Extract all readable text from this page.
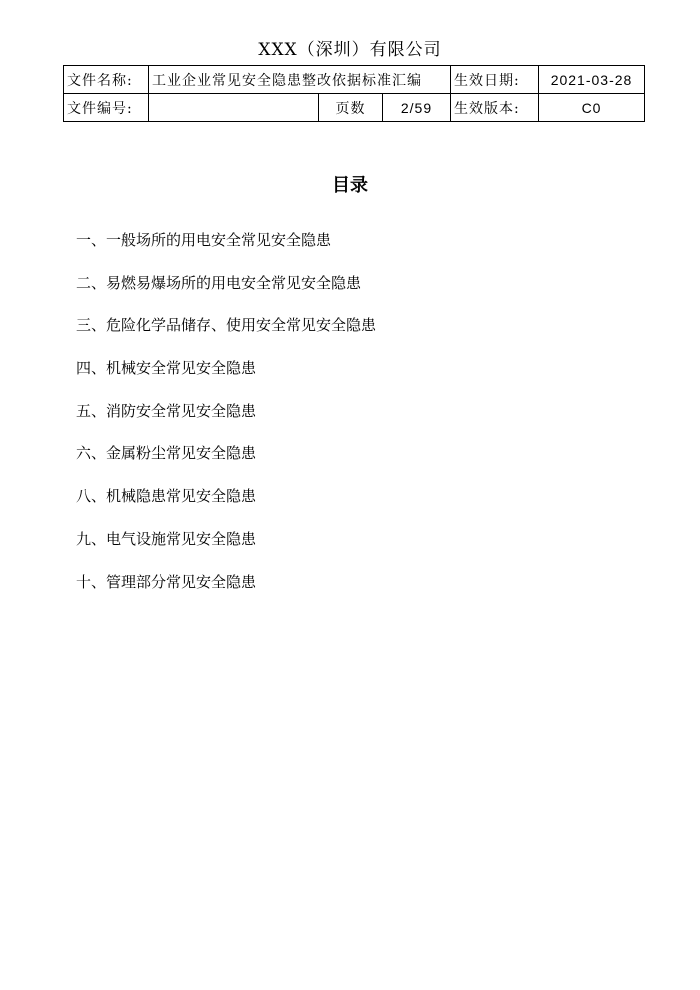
XXX（深圳）有限公司
文件名称:	工业企业常见安全隐患整改依据标准汇编			生效日期:	2021-03-28
文件编号:		页数	2/59	生效版本:	C0
目录
一、一般场所的用电安全常见安全隐患
二、易燃易爆场所的用电安全常见安全隐患
三、危险化学品储存、使用安全常见安全隐患
四、机械安全常见安全隐患
五、消防安全常见安全隐患
六、金属粉尘常见安全隐患
八、机械隐患常见安全隐患
九、电气设施常见安全隐患
十、管理部分常见安全隐患
